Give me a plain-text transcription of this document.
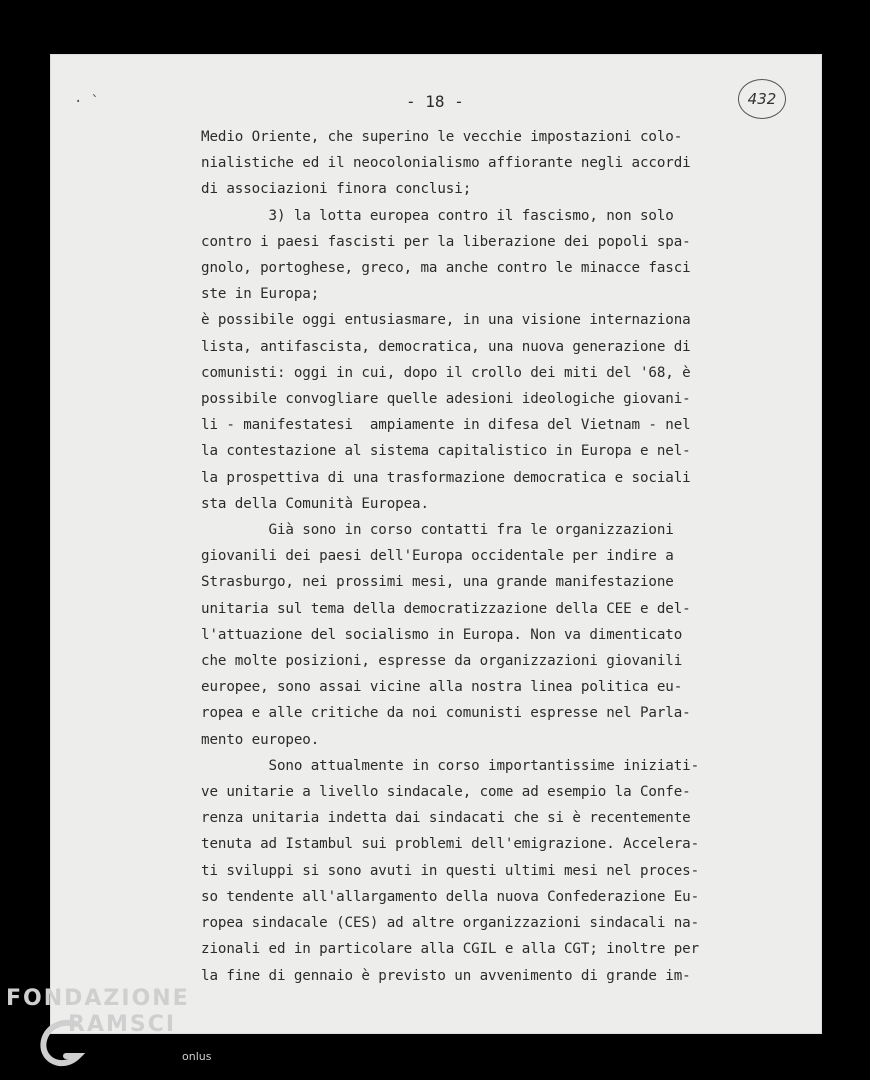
· `	- 18 -	432
Medio Oriente, che superino le vecchie impostazioni colo-
nialistiche ed il neocolonialismo affiorante negli accordi
di associazioni finora conclusi;
3) la lotta europea contro il fascismo, non solo
contro i paesi fascisti per la liberazione dei popoli spa-
gnolo, portoghese, greco, ma anche contro le minacce fasci
ste in Europa;
è possibile oggi entusiasmare, in una visione internaziona
lista, antifascista, democratica, una nuova generazione di
comunisti: oggi in cui, dopo il crollo dei miti del '68, è
possibile convogliare quelle adesioni ideologiche giovani-
li - manifestatesi  ampiamente in difesa del Vietnam - nel
la contestazione al sistema capitalistico in Europa e nel-
la prospettiva di una trasformazione democratica e sociali
sta della Comunità Europea.
Già sono in corso contatti fra le organizzazioni
giovanili dei paesi dell'Europa occidentale per indire a
Strasburgo, nei prossimi mesi, una grande manifestazione
unitaria sul tema della democratizzazione della CEE e del-
l'attuazione del socialismo in Europa. Non va dimenticato
che molte posizioni, espresse da organizzazioni giovanili
europee, sono assai vicine alla nostra linea politica eu-
ropea e alle critiche da noi comunisti espresse nel Parla-
mento europeo.
Sono attualmente in corso importantissime iniziati-
ve unitarie a livello sindacale, come ad esempio la Confe-
renza unitaria indetta dai sindacati che si è recentemente
tenuta ad Istambul sui problemi dell'emigrazione. Accelera-
ti sviluppi si sono avuti in questi ultimi mesi nel proces-
so tendente all'allargamento della nuova Confederazione Eu-
ropea sindacale (CES) ad altre organizzazioni sindacali na-
zionali ed in particolare alla CGIL e alla CGT; inoltre per
la fine di gennaio è previsto un avvenimento di grande im-
FONDAZIONE
RAMSCI
onlus
